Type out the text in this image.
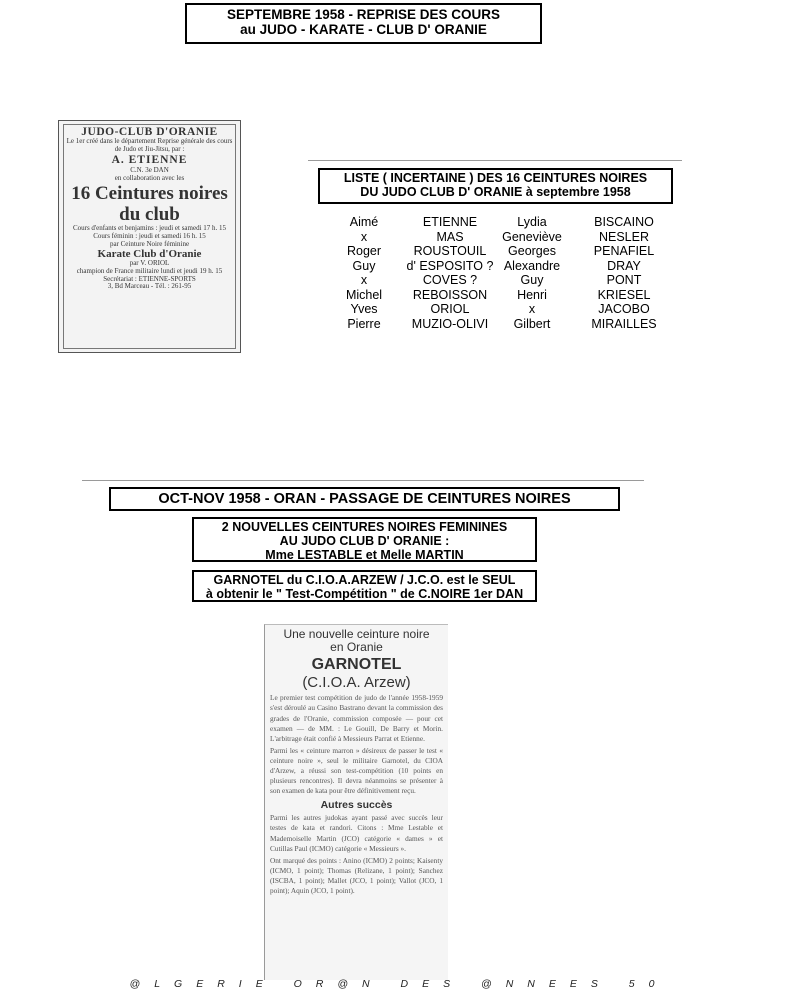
SEPTEMBRE 1958 - REPRISE DES COURS
au JUDO - KARATE - CLUB D' ORANIE
JUDO-CLUB D'ORANIE
Le 1er créé dans le département Reprise générale des cours de Judo et Jiu-Jitsu, par :
A. ETIENNE
C.N. 3e DAN
en collaboration avec les
16 Ceintures noires
du club
Cours d'enfants et benjamins : jeudi et samedi 17 h. 15
Cours féminin : jeudi et samedi 16 h. 15
par Ceinture Noire féminine
Karate Club d'Oranie
par V. ORIOL
champion de France militaire lundi et jeudi 19 h. 15
Secrétariat : ETIENNE-SPORTS
3, Bd Marceau - Tél. : 261-95
LISTE ( INCERTAINE ) DES 16 CEINTURES NOIRES
DU JUDO CLUB D' ORANIE à septembre 1958
Aimé
x
Roger
Guy
x
Michel
Yves
Pierre
ETIENNE
MAS
ROUSTOUIL
d' ESPOSITO ?
COVES ?
REBOISSON
ORIOL
MUZIO-OLIVI
Lydia
Geneviève
Georges
Alexandre
Guy
Henri
x
Gilbert
BISCAINO
NESLER
PENAFIEL
DRAY
PONT
KRIESEL
JACOBO
MIRAILLES
OCT-NOV 1958 - ORAN - PASSAGE DE CEINTURES NOIRES
2 NOUVELLES CEINTURES NOIRES FEMININES
AU JUDO CLUB D' ORANIE :
Mme LESTABLE et Melle MARTIN
GARNOTEL du C.I.O.A.ARZEW / J.C.O. est le SEUL
à obtenir le " Test-Compétition " de C.NOIRE 1er DAN
Une nouvelle ceinture noire
en Oranie
GARNOTEL
(C.I.O.A. Arzew)
Le premier test compétition de judo de l'année 1958-1959 s'est déroulé au Casino Bastrano devant la commission des grades de l'Oranie, commission composée — pour cet examen — de MM. : Le Gouill, De Barry et Morin. L'arbitrage était confié à Messieurs Parrat et Etienne.
Parmi les « ceinture marron » désireux de passer le test « ceinture noire », seul le militaire Garnotel, du CIOA d'Arzew, a réussi son test-compétition (10 points en plusieurs rencontres). Il devra néanmoins se présenter à son examen de kata pour être définitivement reçu.
Autres succès
Parmi les autres judokas ayant passé avec succès leur testes de kata et randori. Citons : Mme Lestable et Mademoiselle Martin (JCO) catégorie « dames » et Cutillas Paul (ICMO) catégorie « Messieurs ».
Ont marqué des points : Anino (ICMO) 2 points; Kaisenty (ICMO, 1 point); Thomas (Relizane, 1 point); Sanchez (ISCBA, 1 point); Mallet (JCO, 1 point); Vallot (JCO, 1 point); Aquin (JCO, 1 point).
@LGERIE OR@N DES @NNEES 50
